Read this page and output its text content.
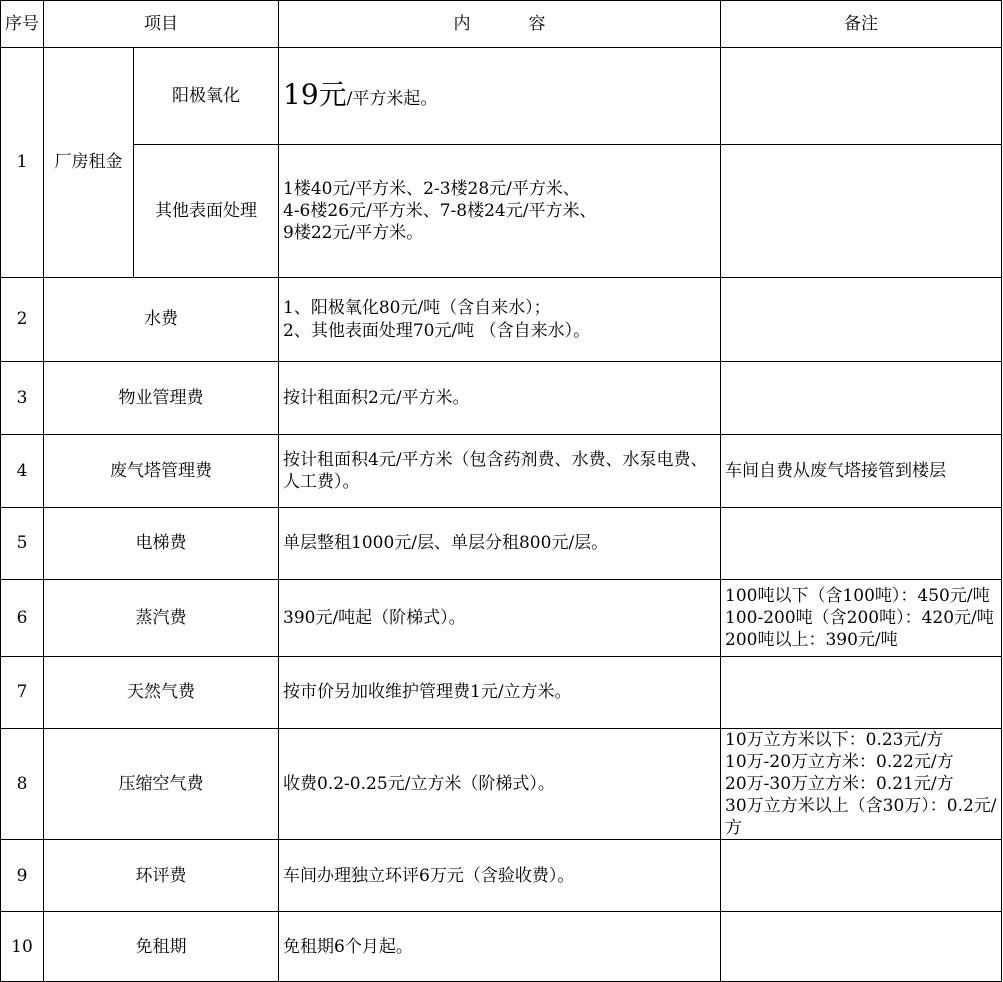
序号	项目		内 容	备注
1	厂房租金	阳极氧化	19元/平方米起。	
		其他表面处理	1楼40元/平方米、2-3楼28元/平方米、
4-6楼26元/平方米、7-8楼24元/平方米、
9楼22元/平方米。	

2	水费		1、阳极氧化80元/吨（含自来水）；
2、其他表面处理70元/吨 （含自来水）。	

3	物业管理费		按计租面积2元/平方米。	
4	废气塔管理费		按计租面积4元/平方米（包含药剂费、水费、水泵电费、人工费）。	车间自费从废气塔接管到楼层
5	电梯费		单层整租1000元/层、单层分租800元/层。	
6	蒸汽费		390元/吨起（阶梯式）。	100吨以下（含100吨）：450元/吨
100-200吨（含200吨）：420元/吨
200吨以上：390元/吨

7	天然气费		按市价另加收维护管理费1元/立方米。	
8	压缩空气费		收费0.2-0.25元/立方米（阶梯式）。	10万立方米以下：0.23元/方
10万-20万立方米：0.22元/方
20万-30万立方米：0.21元/方
30万立方米以上（含30万）：0.2元/方

9	环评费		车间办理独立环评6万元（含验收费）。	
10	免租期		免租期6个月起。	
